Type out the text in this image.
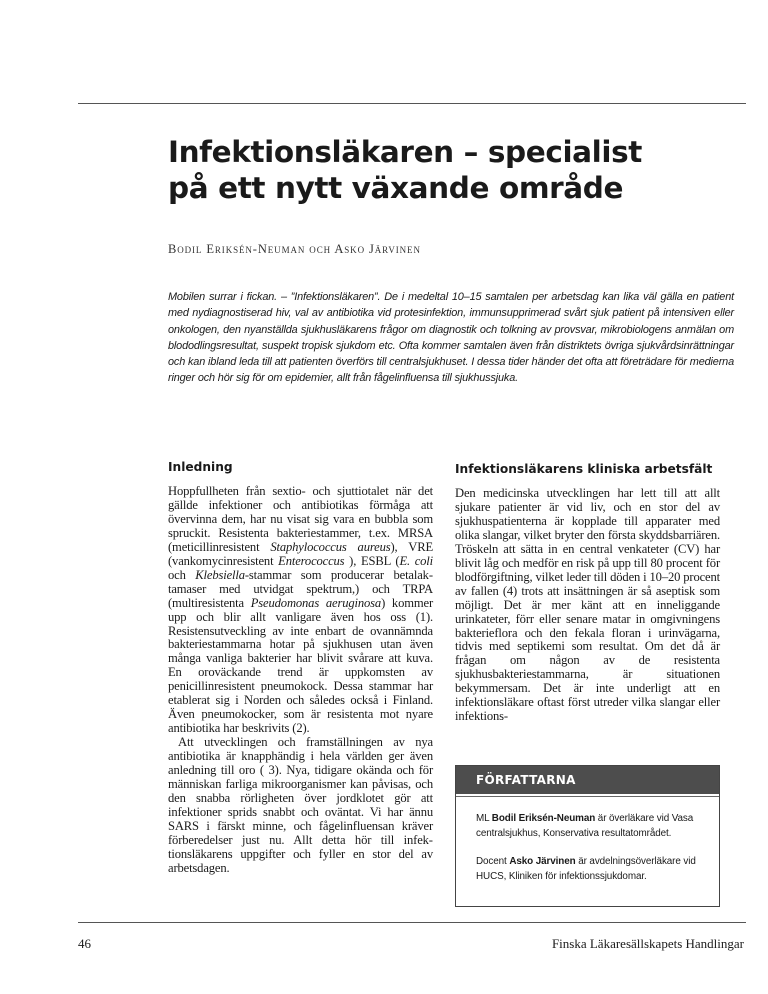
Infektionsläkaren – specialist
på ett nytt växande område

Bodil Eriksén-Neuman och Asko Järvinen

Mobilen surrar i fickan. – ”Infektionsläkaren”. De i medeltal 10–15 samtalen per arbetsdag kan lika väl gälla en patient med nydiagnostiserad hiv, val av antibiotika vid protesinfektion, immunsupprimerad svårt sjuk patient på intensiven eller onkologen, den nyanställda sjukhusläkarens frågor om diagnostik och tolkning av provsvar, mikrobiologens anmälan om blododlingsresultat, suspekt tropisk sjukdom etc. Ofta kommer samtalen även från distriktets övriga sjukvårdsinrättningar och kan ibland leda till att patienten överförs till centralsjukhuset. I dessa tider händer det ofta att företrädare för medierna ringer och hör sig för om epidemier, allt från fågelinfluensa till sjukhussjuka.

Inledning

Hoppfullheten från sextio- och sjuttiotalet när det gällde infektioner och antibiotikas förmåga att övervinna dem, har nu visat sig vara en bubbla som spruckit. Resistenta bakteriestammer, t.ex. MRSA (meticillinresistent Staphylococcus aureus), VRE (vankomycinresistent Enterococcus ), ESBL (E. coli och Klebsiella-stammar som producerar betalaktamaser med utvidgat spektrum,) och TRPA (multiresistenta Pseudomonas aeruginosa) kommer upp och blir allt vanligare även hos oss (1). Resistensutveckling av inte enbart de ovannämnda bakteriestammarna hotar på sjukhusen utan även många vanliga bakterier har blivit svårare att kuva. En oroväckande trend är uppkomsten av penicillinresistent pneumokock. Dessa stammar har etablerat sig i Norden och således också i Finland. Även pneumokocker, som är resistenta mot nyare antibiotika har beskrivits (2).

Att utvecklingen och framställningen av nya antibiotika är knapphändig i hela världen ger även anledning till oro ( 3). Nya, tidigare okända och för människan farliga mikroorganismer kan påvisas, och den snabba rörligheten över jordklotet gör att infektioner sprids snabbt och oväntat. Vi har ännu SARS i färskt minne, och fågelinfluensan kräver förberedelser just nu. Allt detta hör till infektionsläkarens uppgifter och fyller en stor del av arbetsdagen.

Infektionsläkarens kliniska arbetsfält

Den medicinska utvecklingen har lett till att allt sjukare patienter är vid liv, och en stor del av sjukhuspatienterna är kopplade till apparater med olika slangar, vilket bryter den första skyddsbarriären. Tröskeln att sätta in en central venkateter (CV) har blivit låg och medför en risk på upp till 80 procent för blodförgiftning, vilket leder till döden i 10–20 procent av fallen (4) trots att insättningen är så aseptisk som möjligt. Det är mer känt att en inneliggande urinkateter, förr eller senare matar in omgivningens bakterieflora och den fekala floran i urinvägarna, tidvis med septikemi som resultat. Om det då är frågan om någon av de resistenta sjukhusbakteriestammarna, är situationen bekymmersam. Det är inte underligt att en infektionsläkare oftast först utreder vilka slangar eller infektions-

FÖRFATTARNA

ML Bodil Eriksén-Neuman är överläkare vid Vasa centralsjukhus, Konservativa resultatområdet.

Docent Asko Järvinen är avdelningsöverläkare vid HUCS, Kliniken för infektionssjukdomar.

46	Finska Läkaresällskapets Handlingar
